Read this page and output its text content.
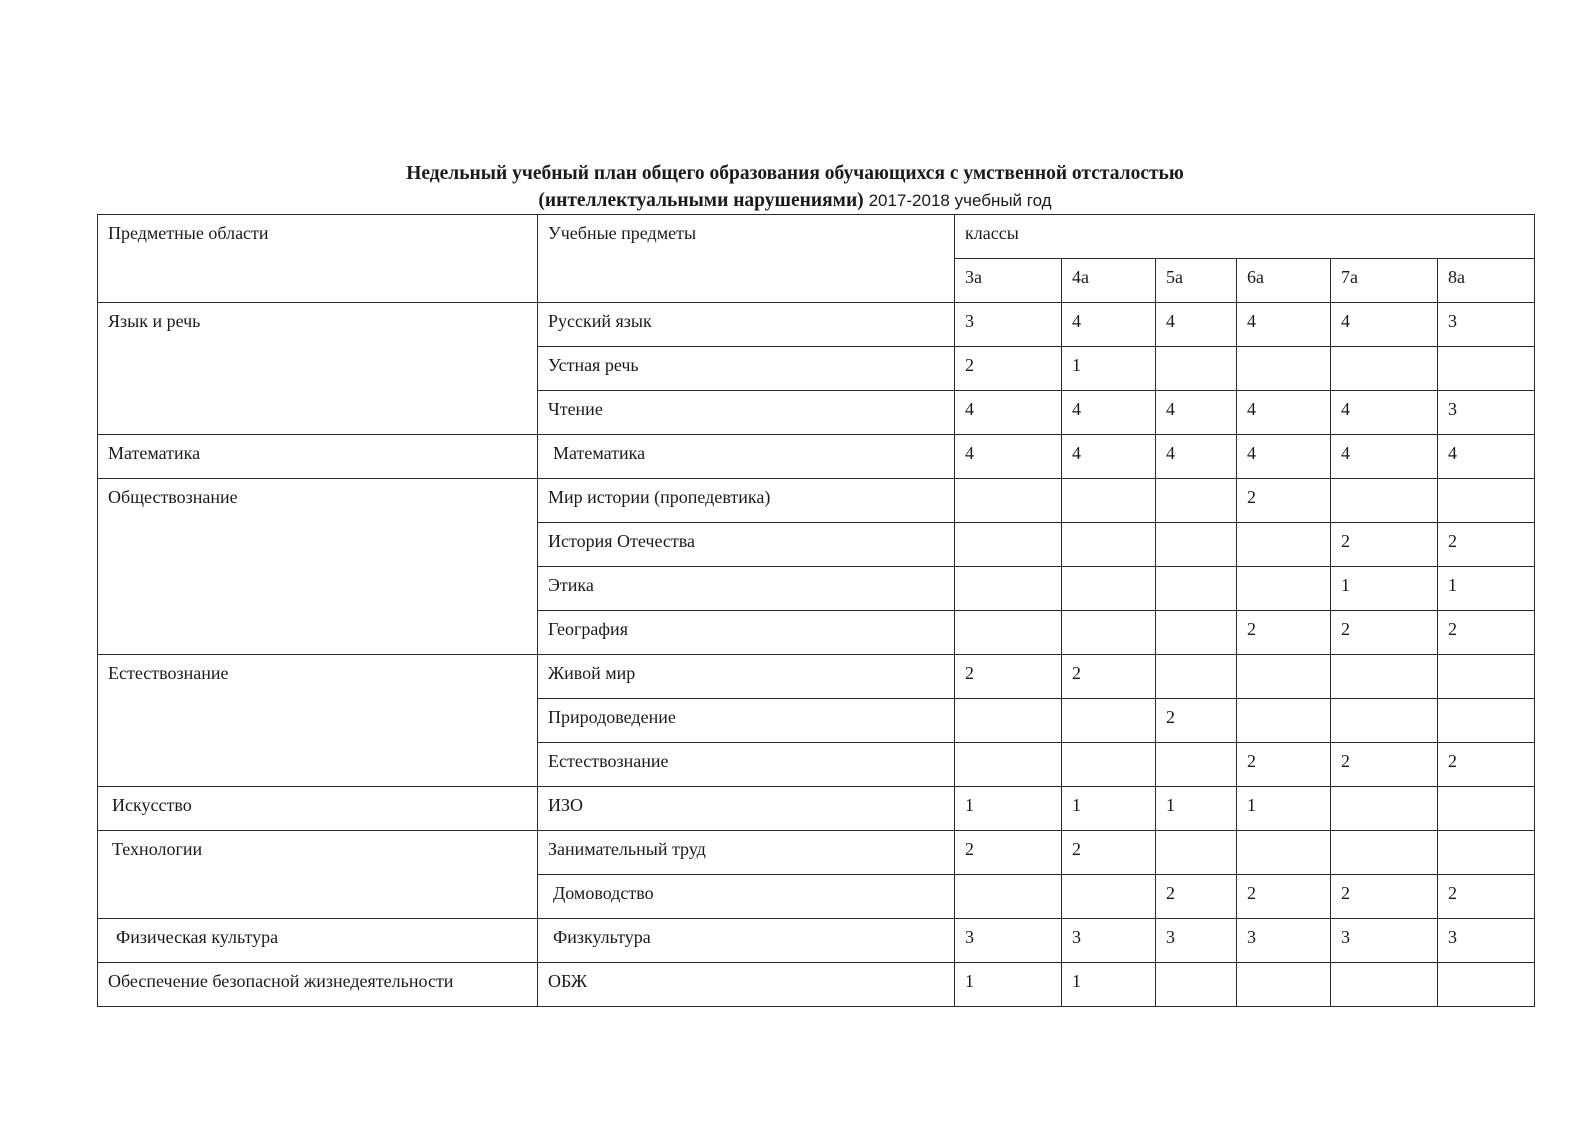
Недельный учебный план общего образования обучающихся с умственной отсталостью
(интеллектуальными нарушениями) 2017-2018 учебный год
Предметные области	Учебные предметы	классы					
		3а	4а	5а	6а	7а	8а
Язык и речь	Русский язык	3	4	4	4	4	3
	Устная речь	2	1				
	Чтение	4	4	4	4	4	3
Математика	Математика	4	4	4	4	4	4
Обществознание	Мир истории (пропедевтика)				2		
	История Отечества					2	2
	Этика					1	1
	География				2	2	2
Естествознание	Живой мир	2	2				
	Природоведение			2			
	Естествознание				2	2	2
Искусство	ИЗО	1	1	1	1		
Технологии	Занимательный труд	2	2				
	Домоводство			2	2	2	2
Физическая культура	Физкультура	3	3	3	3	3	3
Обеспечение безопасной жизнедеятельности	ОБЖ	1	1				
